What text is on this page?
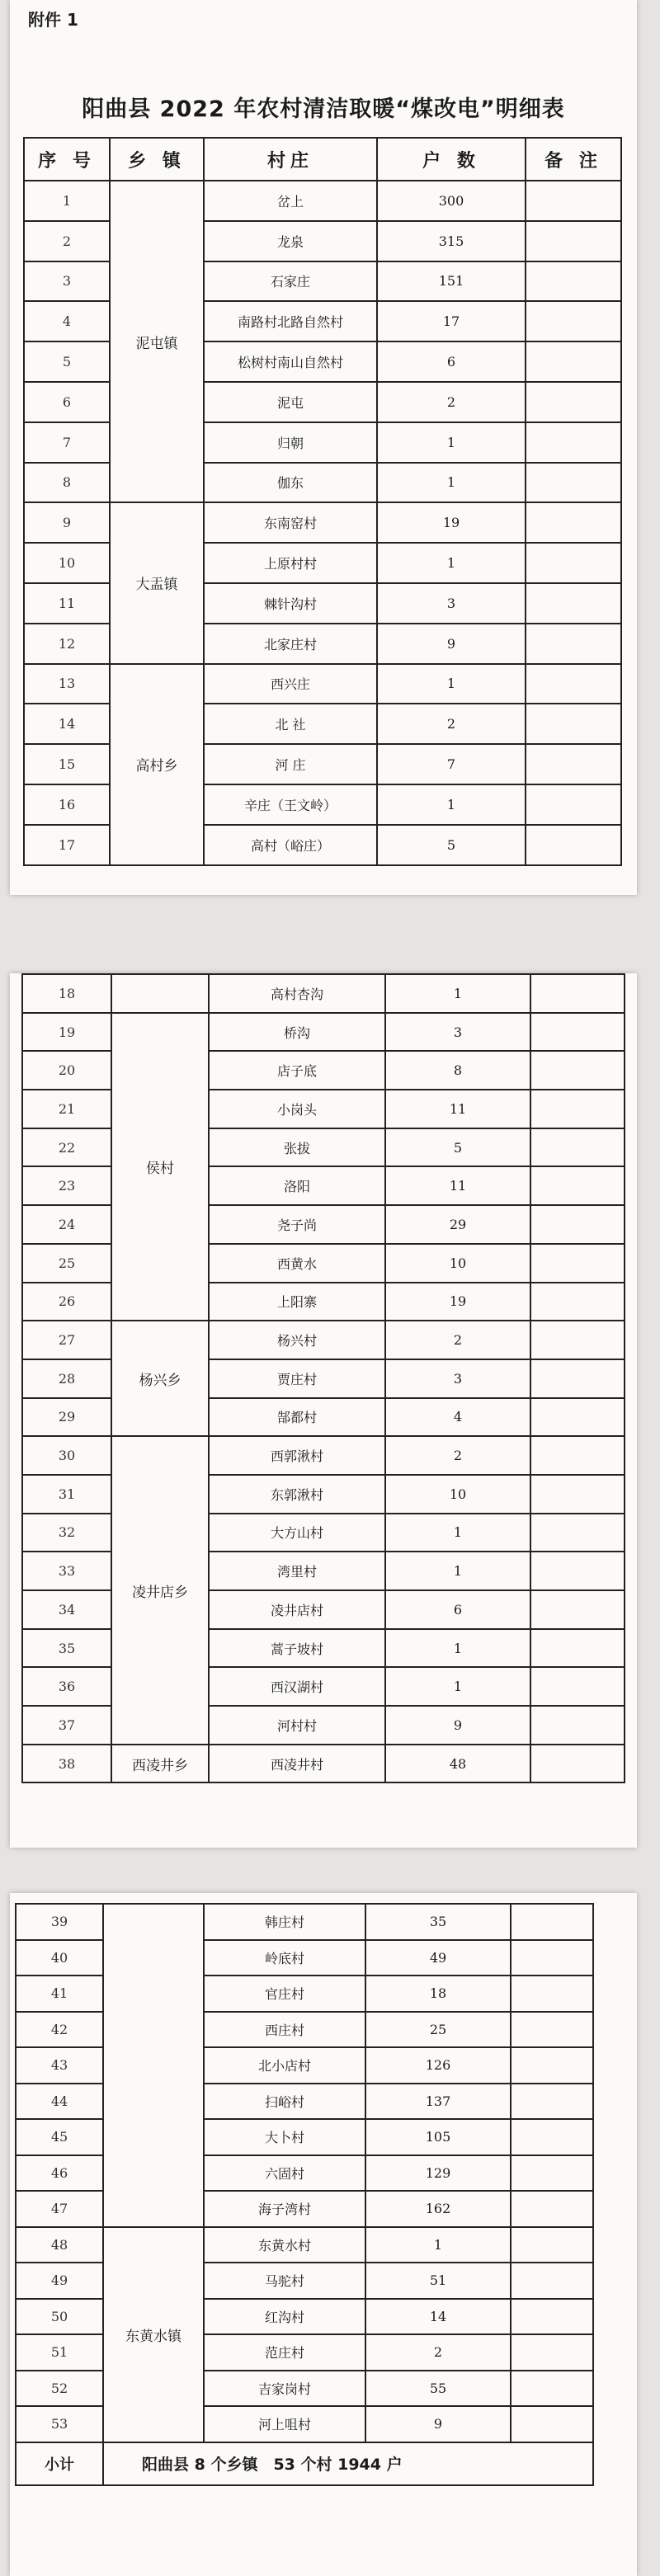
附件 1
阳曲县 2022 年农村清洁取暖“煤改电”明细表
序 号	乡 镇	村庄	户 数	备 注
1	泥屯镇	岔上	300	
2		龙泉	315	
3		石家庄	151	
4		南路村北路自然村	17	
5		松树村南山自然村	6	
6		泥屯	2	
7		归朝	1	
8		伽东	1	
9	大盂镇	东南窑村	19	
10		上原村村	1	
11		棘针沟村	3	
12		北家庄村	9	
13	高村乡	西兴庄	1	
14		北 社	2	
15		河 庄	7	
16		辛庄（王文岭）	1	
17		高村（峪庄）	5	
18		高村杏沟	1	
19	侯村	桥沟	3	
20		店子底	8	
21		小岗头	11	
22		张拔	5	
23		洛阳	11	
24		尧子尚	29	
25		西黄水	10	
26		上阳寨	19	
27	杨兴乡	杨兴村	2	
28		贾庄村	3	
29		郜都村	4	
30	凌井店乡	西郭湫村	2	
31		东郭湫村	10	
32		大方山村	1	
33		湾里村	1	
34		凌井店村	6	
35		蒿子坡村	1	
36		西汉湖村	1	
37		河村村	9	
38	西凌井乡	西凌井村	48	
39		韩庄村	35	
40		岭底村	49	
41		官庄村	18	
42		西庄村	25	
43		北小店村	126	
44		扫峪村	137	
45		大卜村	105	
46		六固村	129	
47		海子湾村	162	
48	东黄水镇	东黄水村	1	
49		马驼村	51	
50		红沟村	14	
51		范庄村	2	
52		吉家岗村	55	
53		河上咀村	9	
小计	阳曲县 8 个乡镇　53 个村 1944 户			
